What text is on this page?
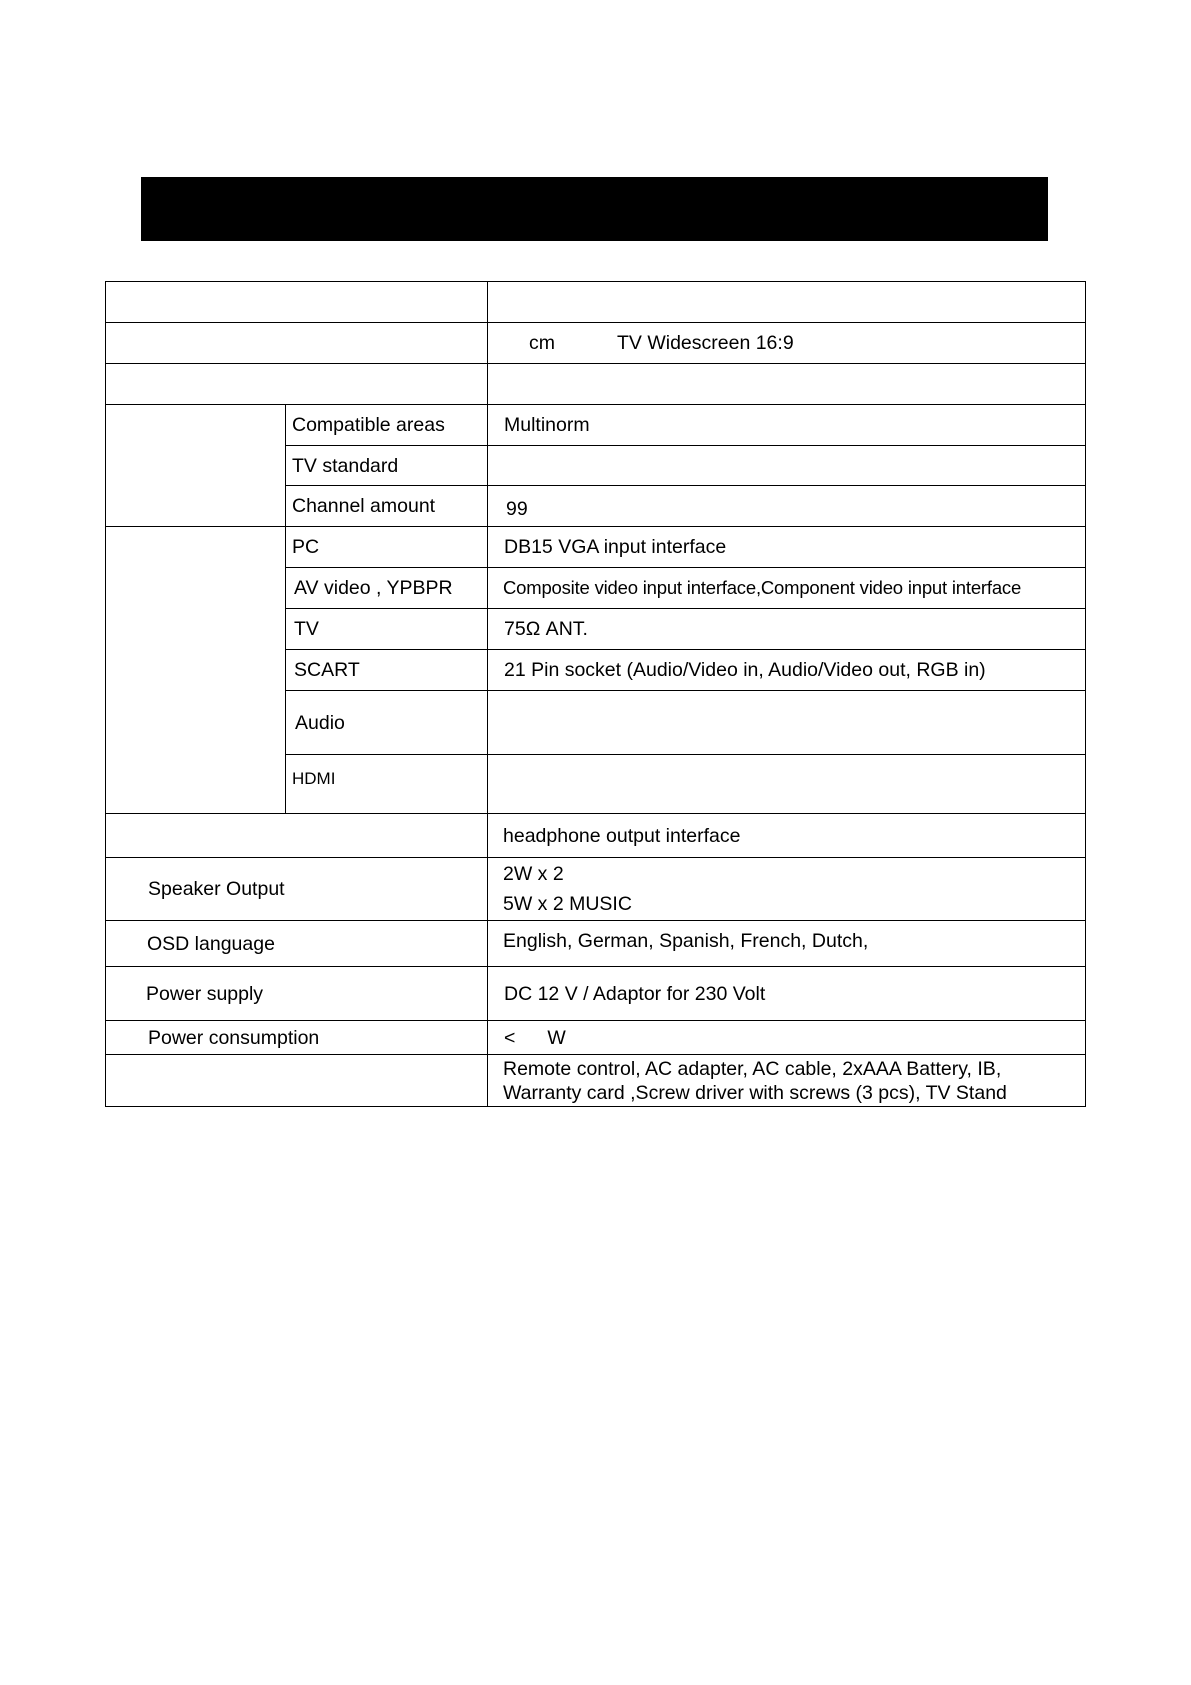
		cm TV Widescreen 16:9

	Compatible areas	Multinorm
	TV standard	
	Channel amount	99
	PC	DB15 VGA input interface
	AV video , YPBPR	Composite video input interface,Component video input interface
	TV	75Ω ANT.
	SCART	21 Pin socket (Audio/Video in, Audio/Video out, RGB in)
	Audio	
	HDMI	
		headphone output interface
Speaker Output		2W x 2
5W x 2 MUSIC

OSD language		English, German, Spanish, French, Dutch,
Power supply		DC 12 V / Adaptor for 230 Volt
Power consumption		< W

		Remote control, AC adapter, AC cable, 2xAAA Battery, IB,
Warranty card ,Screw driver with screws (3 pcs), TV Stand
